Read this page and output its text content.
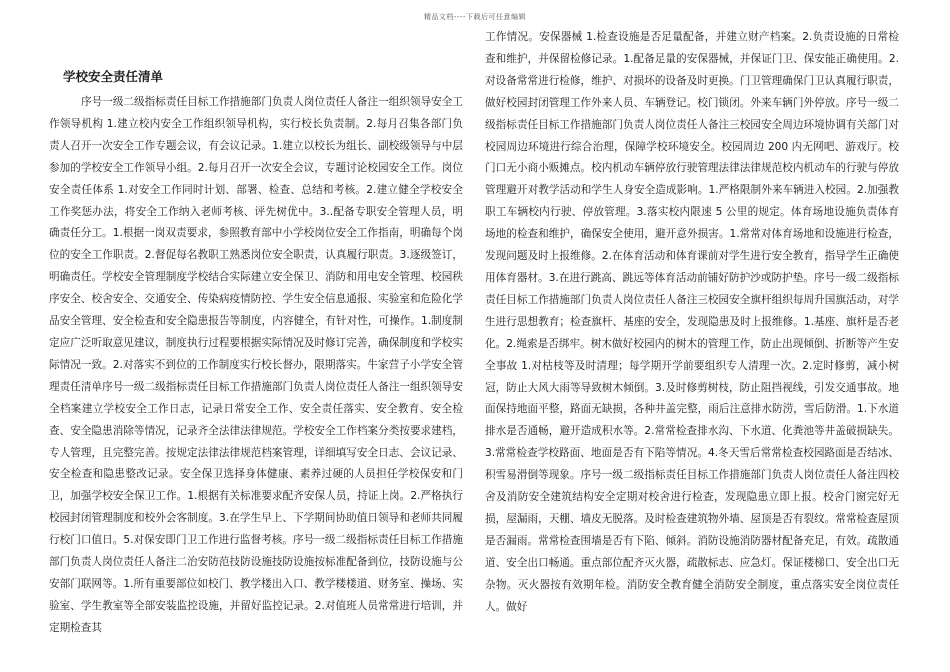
精品文档----下载后可任意编辑
学校安全责任清单

序号一级二级指标责任目标工作措施部门负责人岗位责任人备注一组织领导安全工作领导机构 1.建立校内安全工作组织领导机构，实行校长负责制。2.每月召集各部门负责人召开一次安全工作专题会议，有会议记录。1.建立以校长为组长、副校级领导与中层参加的学校安全工作领导小组。2.每月召开一次安全会议，专题讨论校园安全工作。岗位安全责任体系 1.对安全工作同时计划、部署、检查、总结和考核。2.建立健全学校安全工作奖惩办法，将安全工作纳入老师考核、评先树优中。3..配备专职安全管理人员，明确责任分工。1.根据一岗双责要求，参照教育部中小学校岗位安全工作指南，明确每个岗位的安全工作职责。2.督促每名教职工熟悉岗位安全职责，认真履行职责。3.逐级签订，明确责任。学校安全管理制度学校结合实际建立安全保卫、消防和用电安全管理、校园秩序安全、校舍安全、交通安全、传染病疫情防控、学生安全信息通报、实验室和危险化学品安全管理、安全检查和安全隐患报告等制度，内容健全，有针对性，可操作。1.制度制定应广泛听取意见建议，制度执行过程要根据实际情况及时修订完善，确保制度和学校实际情况一致。2.对落实不到位的工作制度实行校长督办，限期落实。牛家营子小学安全管理责任清单序号一级二级指标责任目标工作措施部门负责人岗位责任人备注一组织领导安全档案建立学校安全工作日志，记录日常安全工作、安全责任落实、安全教育、安全检查、安全隐患消除等情况，记录齐全法律法律规范。学校安全工作档案分类按要求建档，专人管理，且完整完善。按规定法律法律规范档案管理，详细填写安全日志、会议记录、安全检查和隐患整改记录。安全保卫选择身体健康、素养过硬的人员担任学校保安和门卫，加强学校安全保卫工作。1.根据有关标准要求配齐安保人员，持证上岗。2.严格执行校园封闭管理制度和校外会客制度。3.在学生早上、下学期间协助值日领导和老师共同履行校门口值日。5.对保安即门卫工作进行监督考核。序号一级二级指标责任目标工作措施部门负责人岗位责任人备注二治安防范技防设施技防设施按标准配备到位，技防设施与公安部门联网等。1.所有重要部位如校门、教学楼出入口、教学楼楼道、财务室、操场、实验室、学生教室等全部安装监控设施，并留好监控记录。2.对值班人员常常进行培训，并定期检查其

工作情况。安保器械 1.检查设施是否足量配备，并建立财产档案。2.负责设施的日常检查和维护，并保留检修记录。1.配备足量的安保器械，并保证门卫、保安能正确使用。2.对设备常常进行检修，维护、对损坏的设备及时更换。门卫管理确保门卫认真履行职责，做好校园封闭管理工作外来人员、车辆登记。校门锁闭。外来车辆门外停放。序号一级二级指标责任目标工作措施部门负责人岗位责任人备注三校园安全周边环境协调有关部门对校园周边环境进行综合治理，保障学校环境安全。校园周边 200 内无网吧、游戏厅。校门口无小商小贩摊点。校内机动车辆停放行驶管理法律法律规范校内机动车的行驶与停放管理避开对教学活动和学生人身安全造成影响。1.严格限制外来车辆进入校园。2.加强教职工车辆校内行驶、停放管理。3.落实校内限速 5 公里的规定。体育场地设施负责体育场地的检查和维护，确保安全使用，避开意外损害。1.常常对体育场地和设施进行检查，发现问题及时上报维修。2.在体育活动和体育课前对学生进行安全教育，指导学生正确使用体育器材。3.在进行跳高、跳远等体育活动前铺好防护沙或防护垫。序号一级二级指标责任目标工作措施部门负责人岗位责任人备注三校园安全旗杆组织每周升国旗活动，对学生进行思想教育；检查旗杆、基座的安全，发现隐患及时上报维修。1.基座、旗杆是否老化。2.绳索是否绑牢。树木做好校园内的树木的管理工作，防止出现倾倒、折断等产生安全事故 1.对枯枝等及时清理；每学期开学前要组织专人清理一次。2.定时修剪，减小树冠，防止大风大雨等导致树木倾倒。3.及时修剪树枝，防止阻挡视线，引发交通事故。地面保持地面平整，路面无缺损，各种井盖完整，雨后注意排水防涝，雪后防滑。1.下水道排水是否通畅，避开造成积水等。2.常常检查排水沟、下水道、化粪池等井盖破损缺失。3.常常检查学校路面、地面是否有下陷等情况。4.冬天雪后常常检查校园路面是否结冰、积雪易滑倒等现象。序号一级二级指标责任目标工作措施部门负责人岗位责任人备注四校舍及消防安全建筑结构安全定期对校舍进行检查，发现隐患立即上报。校舍门窗完好无损，屋漏雨，天棚、墙皮无脱落。及时检查建筑物外墙、屋顶是否有裂纹。常常检查屋顶是否漏雨。常常检查围墙是否有下陷、倾斜。消防设施消防器材配备充足，有效。疏散通道、安全出口畅通。重点部位配齐灭火器，疏散标志、应急灯。保证楼梯口、安全出口无杂物。灭火器按有效期年检。消防安全教育健全消防安全制度，重点落实安全岗位责任人。做好
